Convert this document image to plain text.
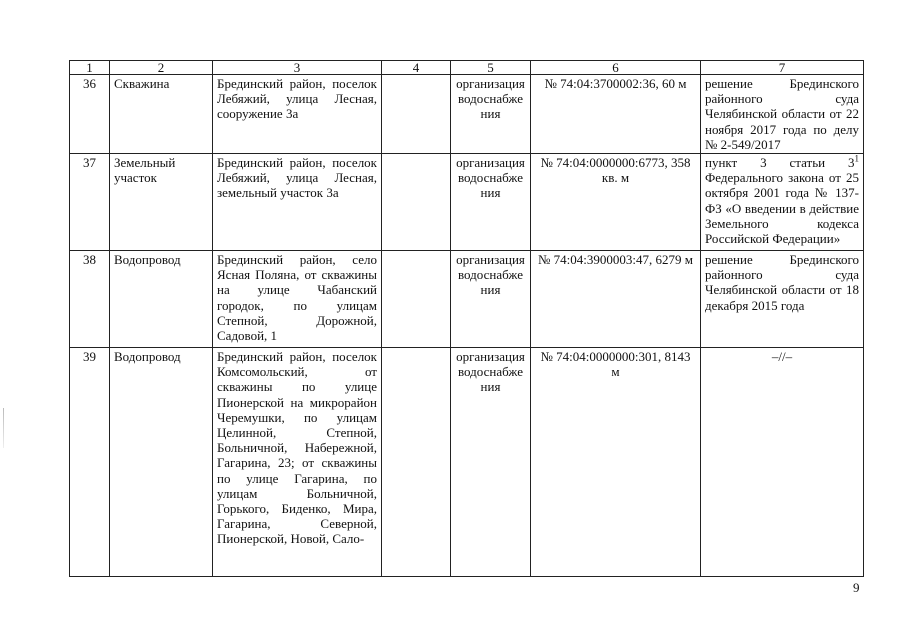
1	2	3	4	5	6	7
36	Скважина	Брединский район, поселок Лебяжий, улица Лесная, сооружение 3а		организация водоснабжения	№ 74:04:3700002:36, 60 м	решение Брединского районного суда Челябинской области от 22 ноября 2017 года по делу № 2-549/2017
37	Земельный участок	Брединский район, поселок Лебяжий, улица Лесная, земельный участок 3а		организация водоснабжения	№ 74:04:0000000:6773, 358 кв. м	пункт 3 статьи $3^1$ Федерального закона от 25 октября 2001 года № 137-ФЗ «О введении в действие Земельного кодекса Российской Федерации»
38	Водопровод	Брединский район, село Ясная Поляна, от скважины на улице Чабанский городок, по улицам Степной, Дорожной, Садовой, 1		организация водоснабжения	№ 74:04:3900003:47, 6279 м	решение Брединского районного суда Челябинской области от 18 декабря 2015 года
39	Водопровод	Брединский район, поселок Комсомольский, от скважины по улице Пионерской на микрорайон Черемушки, по улицам Целинной, Степной, Больничной, Набережной, Гагарина, 23; от скважины по улице Гагарина, по улицам Больничной, Горького, Биденко, Мира, Гагарина, Северной, Пионерской, Новой, Сало-		организация водоснабжения	№ 74:04:0000000:301, 8143 м	–//–
9
